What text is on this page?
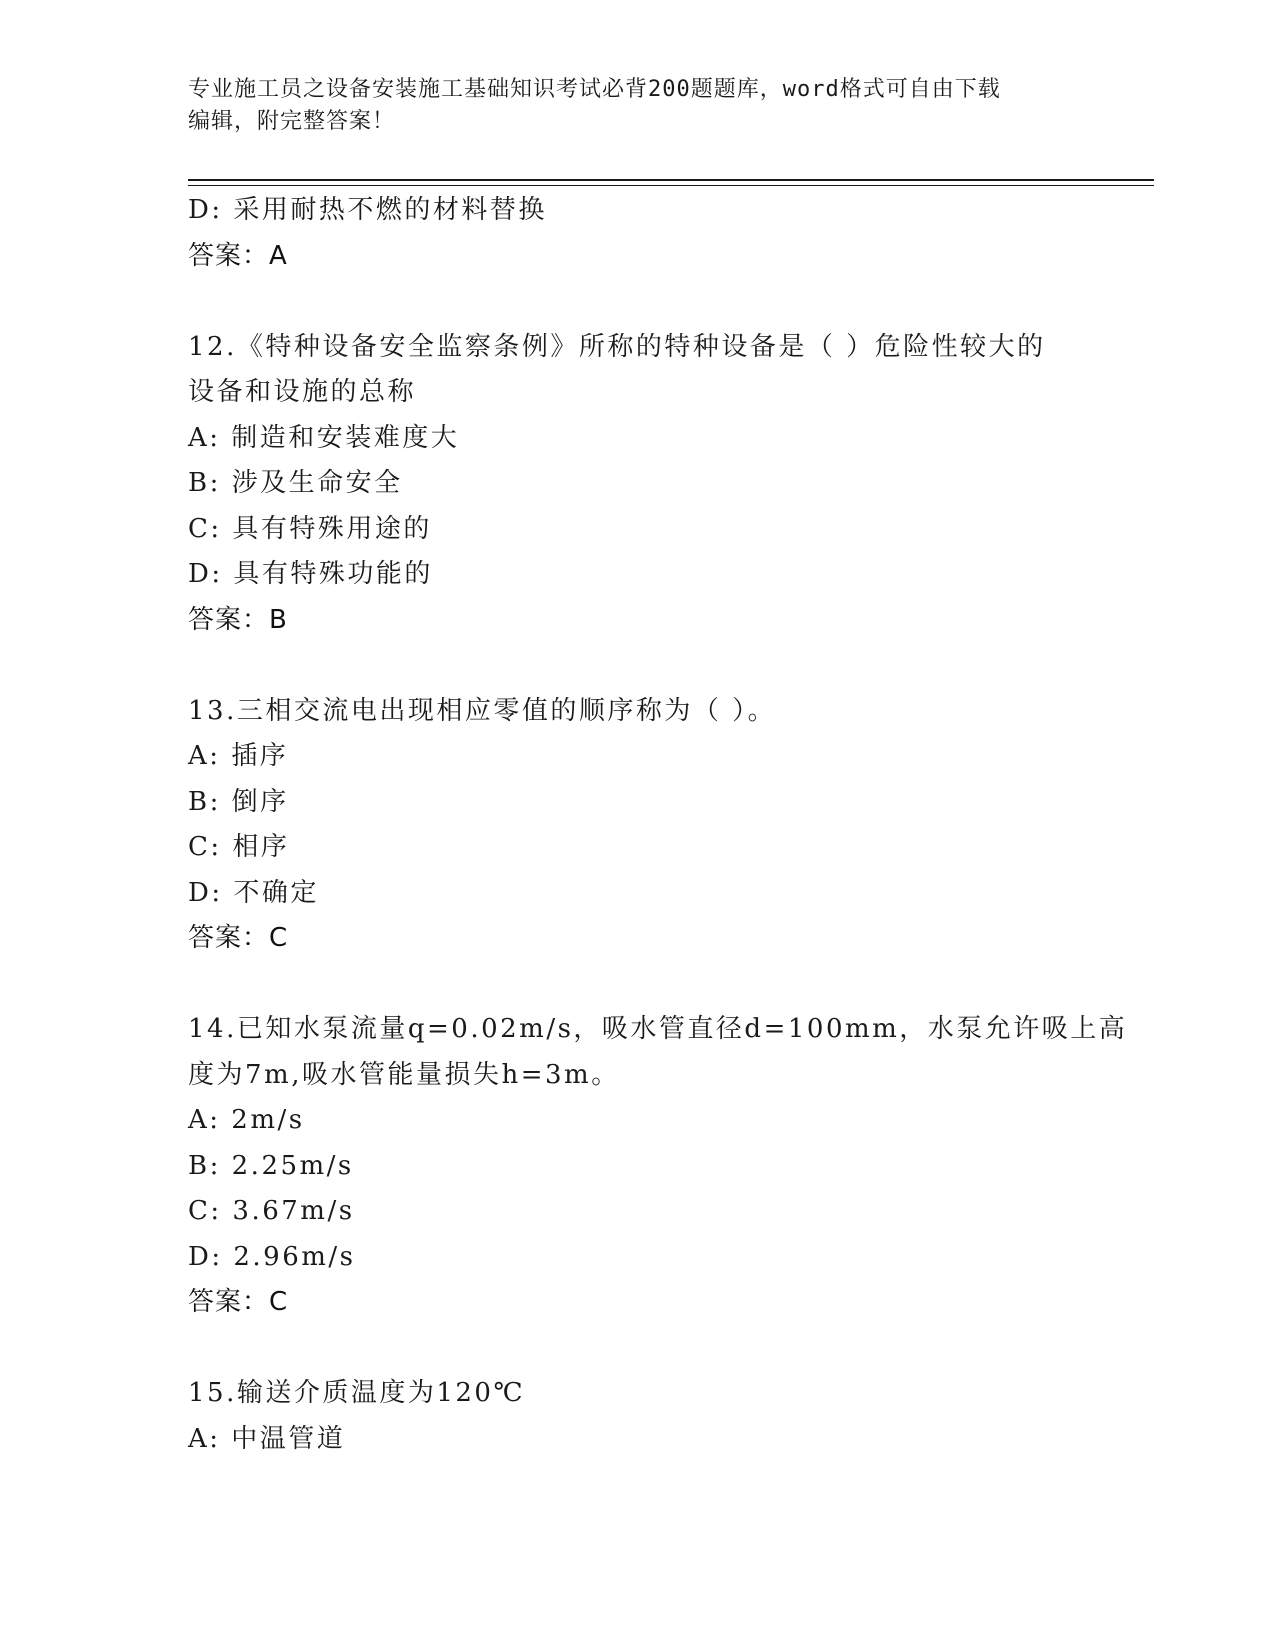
专业施工员之设备安装施工基础知识考试必背200题题库，word格式可自由下载
编辑，附完整答案！
D: 采用耐热不燃的材料替换
答案：A
12.《特种设备安全监察条例》所称的特种设备是（ ）危险性较大的
设备和设施的总称
A: 制造和安装难度大
B: 涉及生命安全
C: 具有特殊用途的
D: 具有特殊功能的
答案：B
13.三相交流电出现相应零值的顺序称为（ ）。
A: 插序
B: 倒序
C: 相序
D: 不确定
答案：C
14.已知水泵流量q=0.02m/s，吸水管直径d=100mm，水泵允许吸上高
度为7m,吸水管能量损失h=3m。
A: 2m/s
B: 2.25m/s
C: 3.67m/s
D: 2.96m/s
答案：C
15.输送介质温度为120℃
A: 中温管道
